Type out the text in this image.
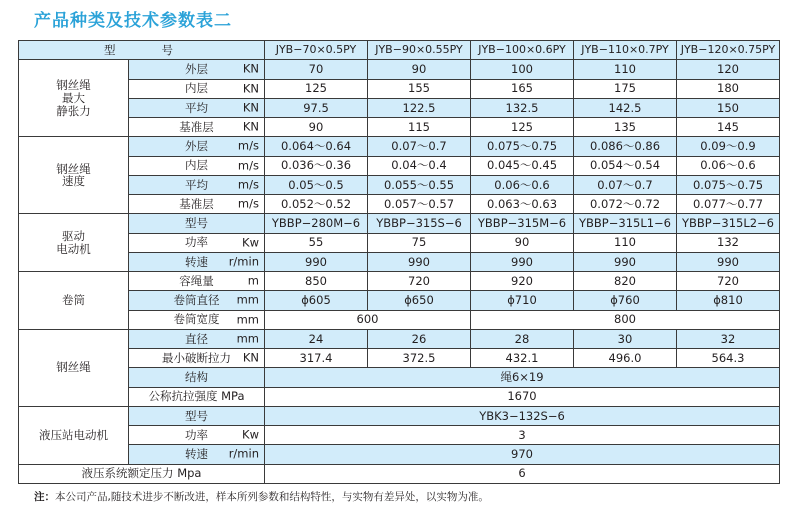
产品种类及技术参数表二
型 号		JYB−70×0.5PY	JYB−90×0.55PY	JYB−100×0.6PY	JYB−110×0.7PY	JYB−120×0.75PY
钢丝绳
最大
静张力	外层 KN	70	90	100	110	120
	内层 KN	125	155	165	175	180
	平均 KN	97.5	122.5	132.5	142.5	150
	基准层 KN	90	115	125	135	145
钢丝绳
速度	外层 m/s	0.064～0.64	0.07～0.7	0.075～0.75	0.086～0.86	0.09～0.9
	内层 m/s	0.036～0.36	0.04～0.4	0.045～0.45	0.054～0.54	0.06～0.6
	平均 m/s	0.05～0.5	0.055～0.55	0.06～0.6	0.07～0.7	0.075～0.75
	基准层 m/s	0.052～0.52	0.057～0.57	0.063～0.63	0.072～0.72	0.077～0.77
驱动
电动机	型号	YBBP−280M−6	YBBP−315S−6	YBBP−315M−6	YBBP−315L1−6	YBBP−315L2−6
	功率 Kw	55	75	90	110	132
	转速 r/min	990	990	990	990	990
卷筒	容绳量 m	850	720	920	820	720
	卷筒直径 mm	ϕ605	ϕ650	ϕ710	ϕ760	ϕ810
	卷筒宽度 mm	600		800		
钢丝绳	直径 mm	24	26	28	30	32
	最小破断拉力 KN	317.4	372.5	432.1	496.0	564.3
	结构	绳6×19				
	公称抗拉强度 MPa	1670				
液压站电动机	型号	YBK3−132S−6				
	功率 Kw	3				
	转速 r/min	970				
液压系统额定压力 Mpa		6				
注：本公司产品,随技术进步不断改进，样本所列参数和结构特性，与实物有差异处，以实物为准。
